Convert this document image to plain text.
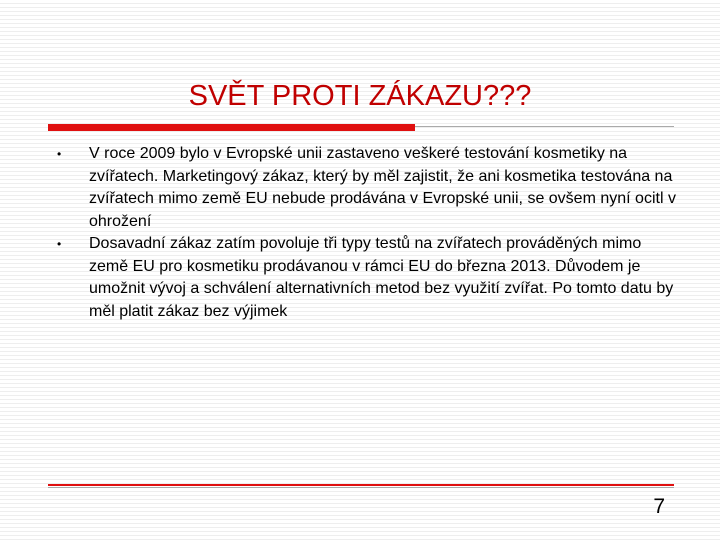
SVĚT PROTI ZÁKAZU???
• V roce 2009 bylo v Evropské unii zastaveno veškeré testování kosmetiky na zvířatech. Marketingový zákaz, který by měl zajistit, že ani kosmetika testována na zvířatech mimo země EU nebude prodávána v Evropské unii, se ovšem nyní ocitl v ohrožení
• Dosavadní zákaz zatím povoluje tři typy testů na zvířatech prováděných mimo země EU pro kosmetiku prodávanou v rámci EU do března 2013. Důvodem je umožnit vývoj a schválení alternativních metod bez využití zvířat. Po tomto datu by měl platit zákaz bez výjimek
7
